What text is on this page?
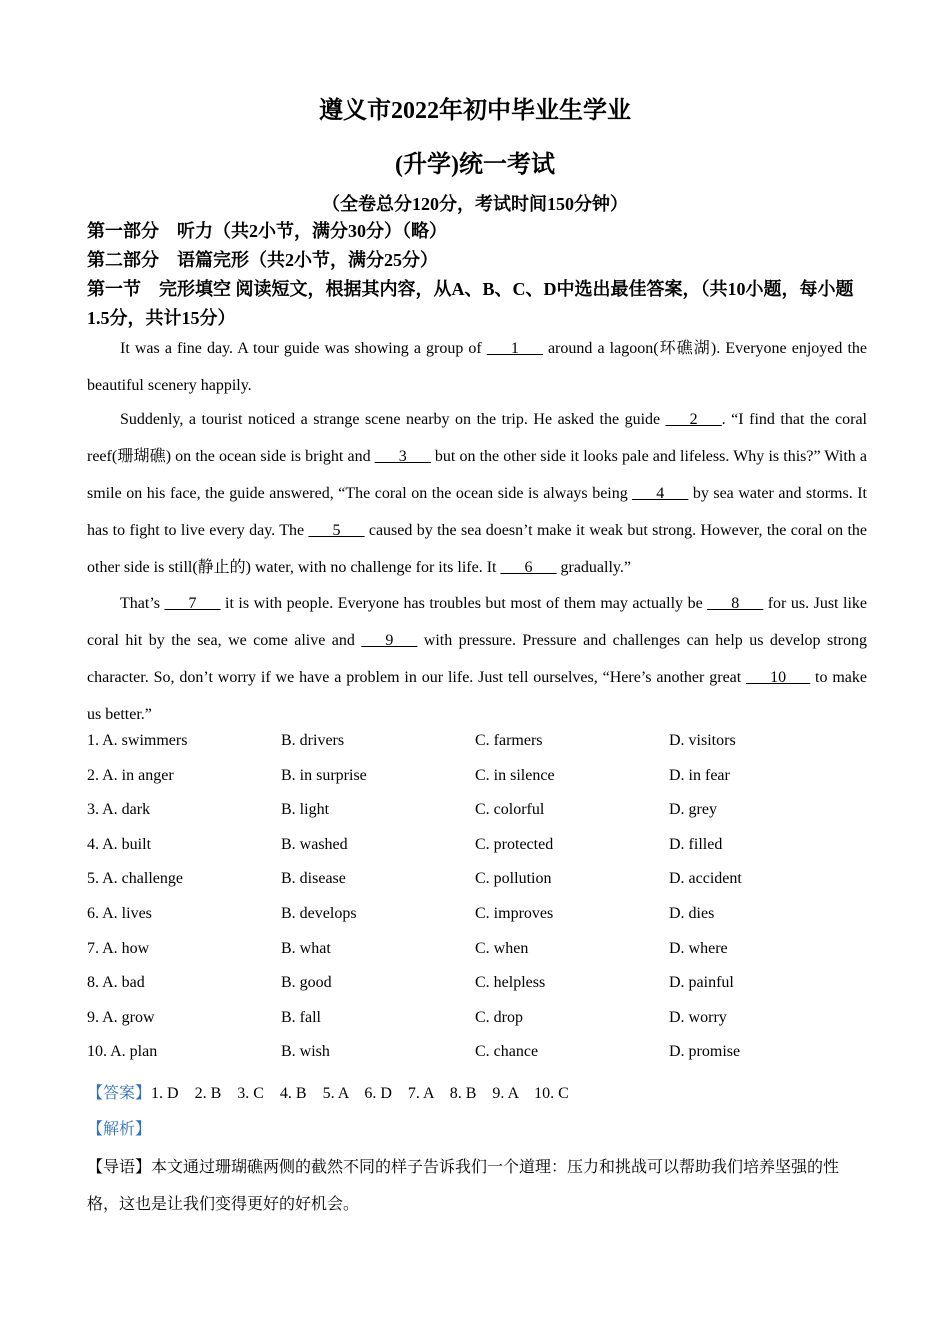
遵义市2022年初中毕业生学业
(升学)统一考试
（全卷总分120分，考试时间150分钟）
第一部分　听力（共2小节，满分30分）（略）
第二部分　语篇完形（共2小节，满分25分）
第一节　完形填空 阅读短文，根据其内容，从A、B、C、D中选出最佳答案，（共10小题，每小题1.5分，共计15分）
It was a fine day. A tour guide was showing a group of ___1___ around a lagoon(环礁湖). Everyone enjoyed the beautiful scenery happily.
Suddenly, a tourist noticed a strange scene nearby on the trip. He asked the guide ___2___. “I find that the coral reef(珊瑚礁) on the ocean side is bright and ___3___ but on the other side it looks pale and lifeless. Why is this?” With a smile on his face, the guide answered, “The coral on the ocean side is always being ___4___ by sea water and storms. It has to fight to live every day. The ___5___ caused by the sea doesn’t make it weak but strong. However, the coral on the other side is still(静止的) water, with no challenge for its life. It ___6___ gradually.”
That’s ___7___ it is with people. Everyone has troubles but most of them may actually be ___8___ for us. Just like coral hit by the sea, we come alive and ___9___ with pressure. Pressure and challenges can help us develop strong character. So, don’t worry if we have a problem in our life. Just tell ourselves, “Here’s another great ___10___ to make us better.”
1. A. swimmers	B. drivers	C. farmers	D. visitors
2. A. in anger	B. in surprise	C. in silence	D. in fear
3. A. dark	B. light	C. colorful	D. grey
4. A. built	B. washed	C. protected	D. filled
5. A. challenge	B. disease	C. pollution	D. accident
6. A. lives	B. develops	C. improves	D. dies
7. A. how	B. what	C. when	D. where
8. A. bad	B. good	C. helpless	D. painful
9. A. grow	B. fall	C. drop	D. worry
10. A. plan	B. wish	C. chance	D. promise
【答案】1. D　2. B　3. C　4. B　5. A　6. D　7. A　8. B　9. A　10. C
【解析】
【导语】本文通过珊瑚礁两侧的截然不同的样子告诉我们一个道理：压力和挑战可以帮助我们培养坚强的性格，这也是让我们变得更好的好机会。
